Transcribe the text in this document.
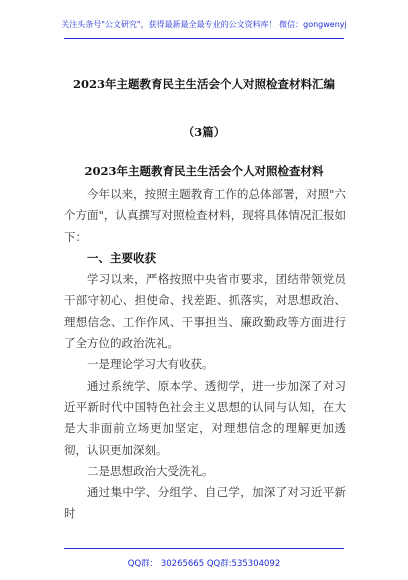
关注头条号"公文研究"，获得最新最全最专业的公文资料库！ 微信：gongwenyj
2023年主题教育民主生活会个人对照检查材料汇编
（3篇）
2023年主题教育民主生活会个人对照检查材料

今年以来，按照主题教育工作的总体部署，对照"六个方面"，认真撰写对照检查材料，现将具体情况汇报如下：

一、主要收获

学习以来，严格按照中央省市要求，团结带领党员干部守初心、担使命、找差距、抓落实，对思想政治、理想信念、工作作风、干事担当、廉政勤政等方面进行了全方位的政治洗礼。

一是理论学习大有收获。

通过系统学、原本学、透彻学，进一步加深了对习近平新时代中国特色社会主义思想的认同与认知，在大是大非面前立场更加坚定，对理想信念的理解更加透彻，认识更加深刻。

二是思想政治大受洗礼。

通过集中学、分组学、自己学，加深了对习近平新时

QQ群： 30265665 QQ群:535304092
